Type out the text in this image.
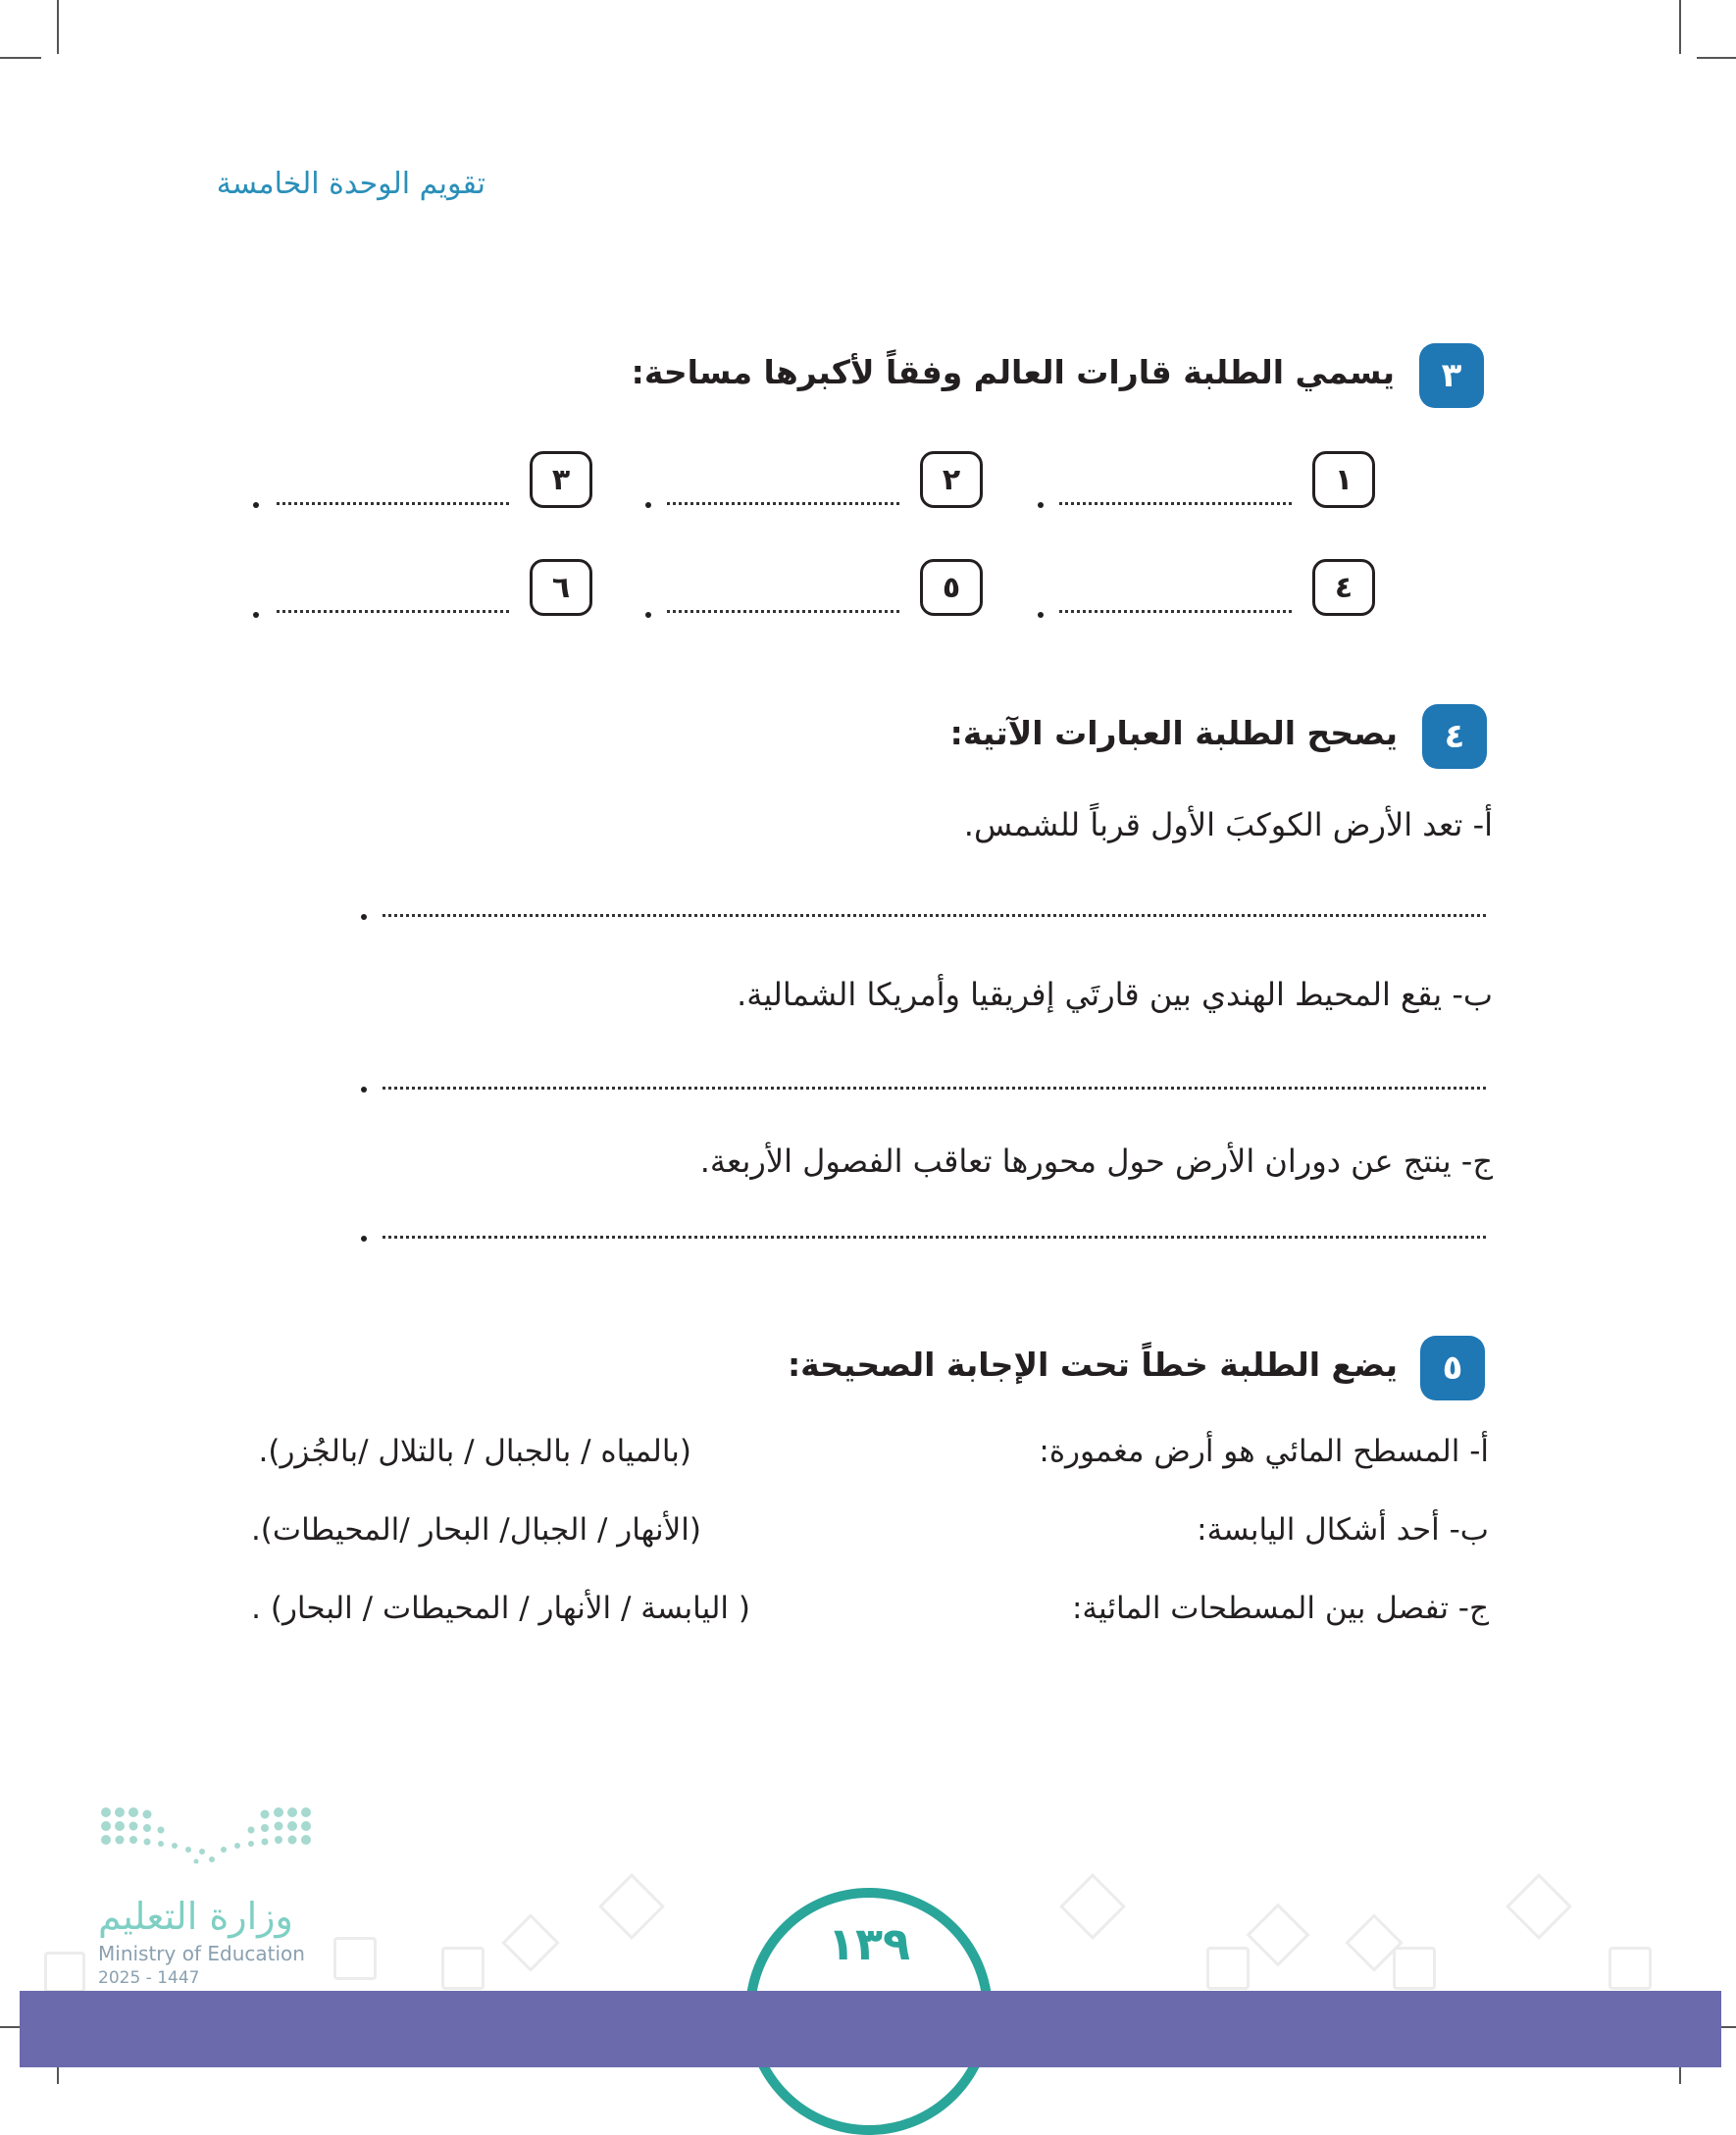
تقويم الوحدة الخامسة
٣
يسمي الطلبة قارات العالم وفقاً لأكبرها مساحة:
١
٢
٣
٤
٥
٦
٤
يصحح الطلبة العبارات الآتية:
أ- تعد الأرض الكوكبَ الأول قرباً للشمس.
ب- يقع المحيط الهندي بين قارتَي إفريقيا وأمريكا الشمالية.
ج- ينتج عن دوران الأرض حول محورها تعاقب الفصول الأربعة.
٥
يضع الطلبة خطاً تحت الإجابة الصحيحة:
أ- المسطح المائي هو أرض مغمورة:
(بالمياه / بالجبال / بالتلال /بالجُزر).
ب- أحد أشكال اليابسة:
(الأنهار / الجبال/ البحار /المحيطات).
ج- تفصل بين المسطحات المائية:
( اليابسة / الأنهار / المحيطات / البحار) .
١٣٩
وزارة التعليم
Ministry of Education
2025 - 1447
